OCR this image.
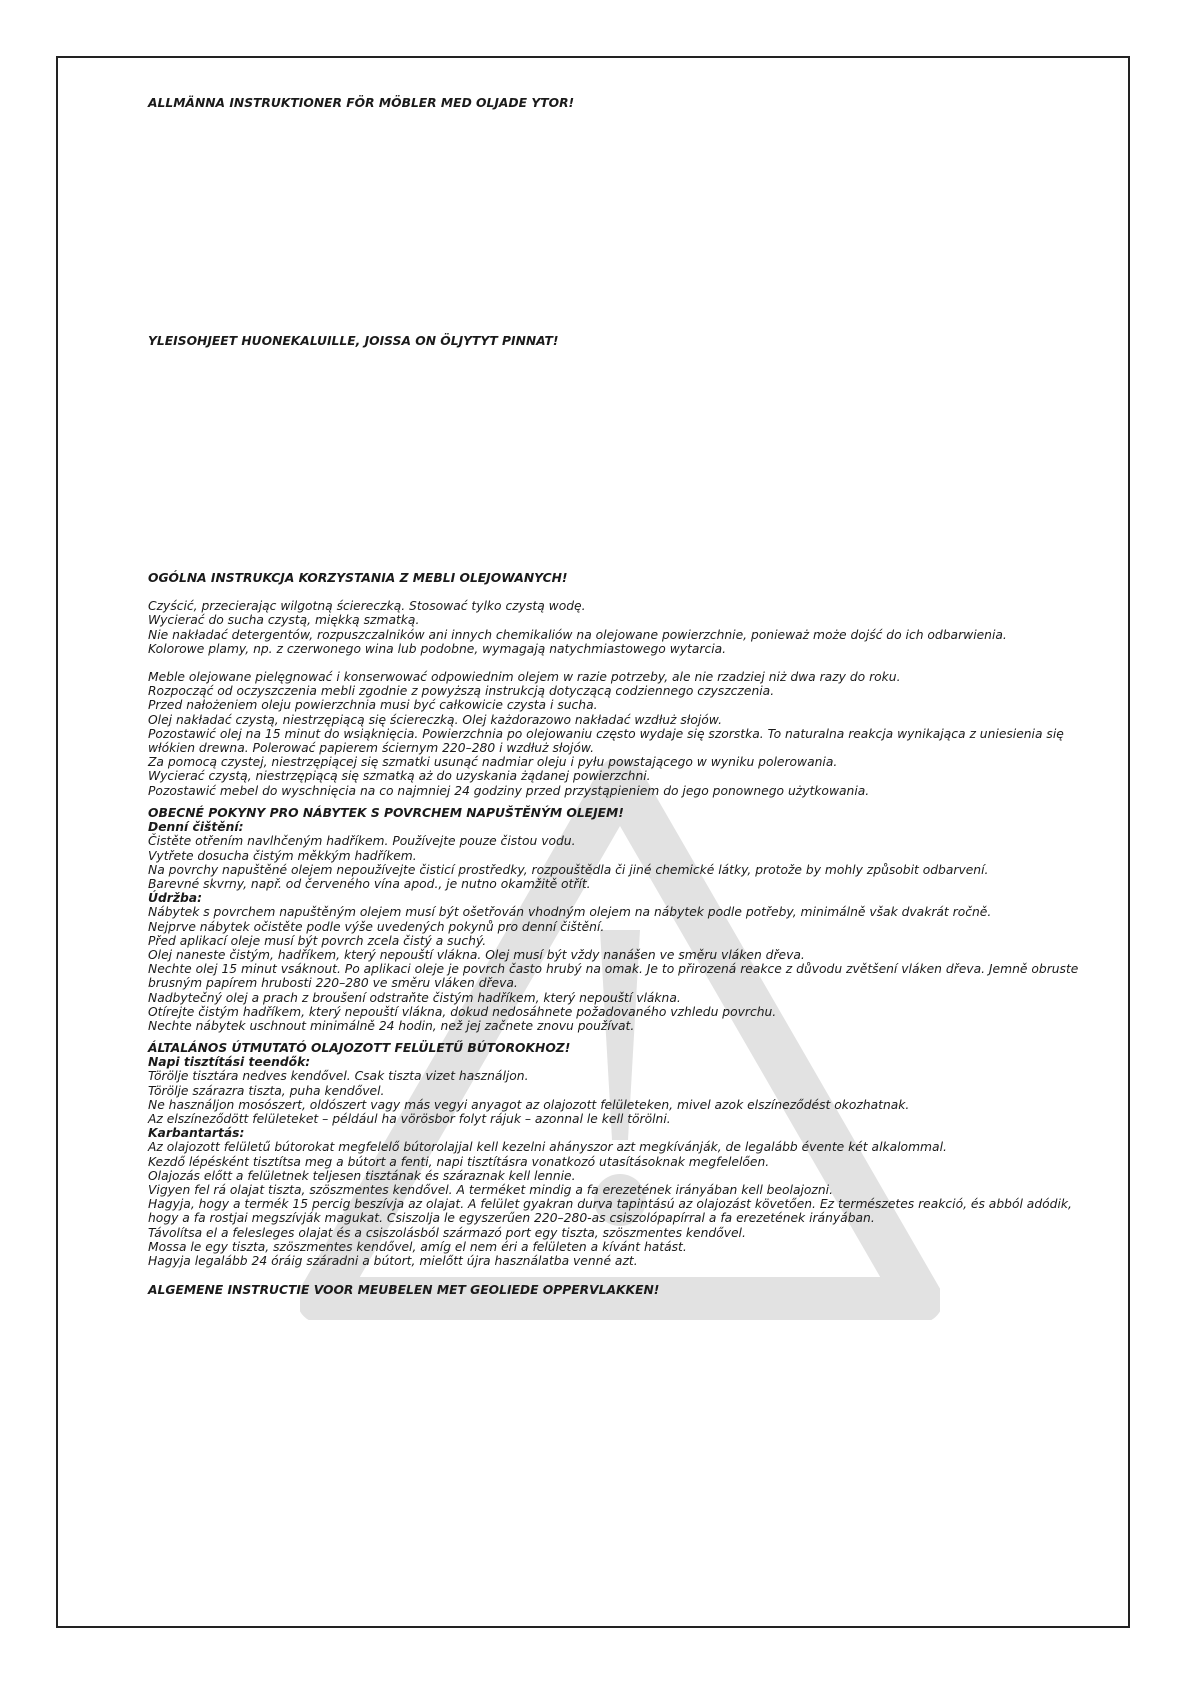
ALLMÄNNA INSTRUKTIONER FÖR MÖBLER MED OLJADE YTOR!

YLEISOHJEET HUONEKALUILLE, JOISSA ON ÖLJYTYT PINNAT!

OGÓLNA INSTRUKCJA KORZYSTANIA Z MEBLI OLEJOWANYCH!

Czyścić, przecierając wilgotną ściereczką. Stosować tylko czystą wodę.

Wycierać do sucha czystą, miękką szmatką.

Nie nakładać detergentów, rozpuszczalników ani innych chemikaliów na olejowane powierzchnie, ponieważ może dojść do ich odbarwienia.

Kolorowe plamy, np. z czerwonego wina lub podobne, wymagają natychmiastowego wytarcia.

Meble olejowane pielęgnować i konserwować odpowiednim olejem w razie potrzeby, ale nie rzadziej niż dwa razy do roku.

Rozpocząć od oczyszczenia mebli zgodnie z powyższą instrukcją dotyczącą codziennego czyszczenia.

Przed nałożeniem oleju powierzchnia musi być całkowicie czysta i sucha.

Olej nakładać czystą, niestrzępiącą się ściereczką. Olej każdorazowo nakładać wzdłuż słojów.

Pozostawić olej na 15 minut do wsiąknięcia. Powierzchnia po olejowaniu często wydaje się szorstka. To naturalna reakcja wynikająca z uniesienia się włókien drewna. Polerować papierem ściernym 220–280 i wzdłuż słojów.

Za pomocą czystej, niestrzępiącej się szmatki usunąć nadmiar oleju i pyłu powstającego w wyniku polerowania.

Wycierać czystą, niestrzępiącą się szmatką aż do uzyskania żądanej powierzchni.

Pozostawić mebel do wyschnięcia na co najmniej 24 godziny przed przystąpieniem do jego ponownego użytkowania.

OBECNÉ POKYNY PRO NÁBYTEK S POVRCHEM NAPUŠTĚNÝM OLEJEM!

Denní čištění:

Čistěte otřením navlhčeným hadříkem. Používejte pouze čistou vodu.

Vytřete dosucha čistým měkkým hadříkem.

Na povrchy napuštěné olejem nepoužívejte čisticí prostředky, rozpouštědla či jiné chemické látky, protože by mohly způsobit odbarvení.

Barevné skvrny, např. od červeného vína apod., je nutno okamžitě otřít.

Údržba:

Nábytek s povrchem napuštěným olejem musí být ošetřován vhodným olejem na nábytek podle potřeby, minimálně však dvakrát ročně.

Nejprve nábytek očistěte podle výše uvedených pokynů pro denní čištění.

Před aplikací oleje musí být povrch zcela čistý a suchý.

Olej naneste čistým, hadříkem, který nepouští vlákna. Olej musí být vždy nanášen ve směru vláken dřeva.

Nechte olej 15 minut vsáknout. Po aplikaci oleje je povrch často hrubý na omak. Je to přirozená reakce z důvodu zvětšení vláken dřeva. Jemně obruste brusným papírem hrubosti 220–280 ve směru vláken dřeva.

Nadbytečný olej a prach z broušení odstraňte čistým hadříkem, který nepouští vlákna.

Otírejte čistým hadříkem, který nepouští vlákna, dokud nedosáhnete požadovaného vzhledu povrchu.

Nechte nábytek uschnout minimálně 24 hodin, než jej začnete znovu používat.

ÁLTALÁNOS ÚTMUTATÓ OLAJOZOTT FELÜLETŰ BÚTOROKHOZ!

Napi tisztítási teendők:

Törölje tisztára nedves kendővel. Csak tiszta vizet használjon.

Törölje szárazra tiszta, puha kendővel.

Ne használjon mosószert, oldószert vagy más vegyi anyagot az olajozott felületeken, mivel azok elszíneződést okozhatnak.

Az elszíneződött felületeket – például ha vörösbor folyt rájuk – azonnal le kell törölni.

Karbantartás:

Az olajozott felületű bútorokat megfelelő bútorolajjal kell kezelni ahányszor azt megkívánják, de legalább évente két alkalommal.

Kezdő lépésként tisztítsa meg a bútort a fenti, napi tisztításra vonatkozó utasításoknak megfelelően.

Olajozás előtt a felületnek teljesen tisztának és száraznak kell lennie.

Vigyen fel rá olajat tiszta, szöszmentes kendővel. A terméket mindig a fa erezetének irányában kell beolajozni.

Hagyja, hogy a termék 15 percig beszívja az olajat. A felület gyakran durva tapintású az olajozást követően. Ez természetes reakció, és abból adódik, hogy a fa rostjai megszívják magukat. Csiszolja le egyszerűen 220–280-as csiszolópapírral a fa erezetének irányában.

Távolítsa el a felesleges olajat és a csiszolásból származó port egy tiszta, szöszmentes kendővel.

Mossa le egy tiszta, szöszmentes kendővel, amíg el nem éri a felületen a kívánt hatást.

Hagyja legalább 24 óráig száradni a bútort, mielőtt újra használatba venné azt.

ALGEMENE INSTRUCTIE VOOR MEUBELEN MET GEOLIEDE OPPERVLAKKEN!
